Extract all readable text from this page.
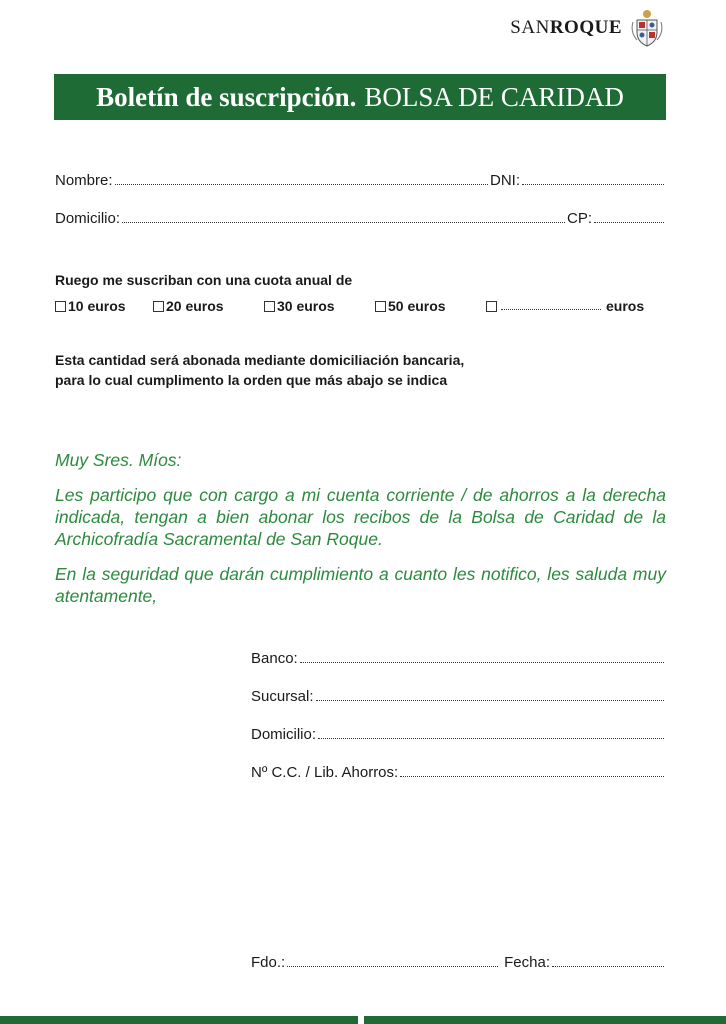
SANROQUE
Boletín de suscripción. BOLSA DE CARIDAD
Nombre:	DNI:
Domicilio:	CP:
Ruego me suscriban con una cuota anual de
10 euros	20 euros	30 euros	50 euros	euros
Esta cantidad será abonada mediante domiciliación bancaria,
para lo cual cumplimento la orden que más abajo se indica
Muy Sres. Míos:
Les participo que con cargo a mi cuenta corriente / de ahorros a la derecha indicada, tengan a bien abonar los recibos de la Bolsa de Caridad de la Archicofradía Sacramental de San Roque.
En la seguridad que darán cumplimiento a cuanto les notifico, les saluda muy atentamente,
Banco:
Sucursal:
Domicilio:
Nº C.C. / Lib. Ahorros:
Fdo.:	Fecha:
